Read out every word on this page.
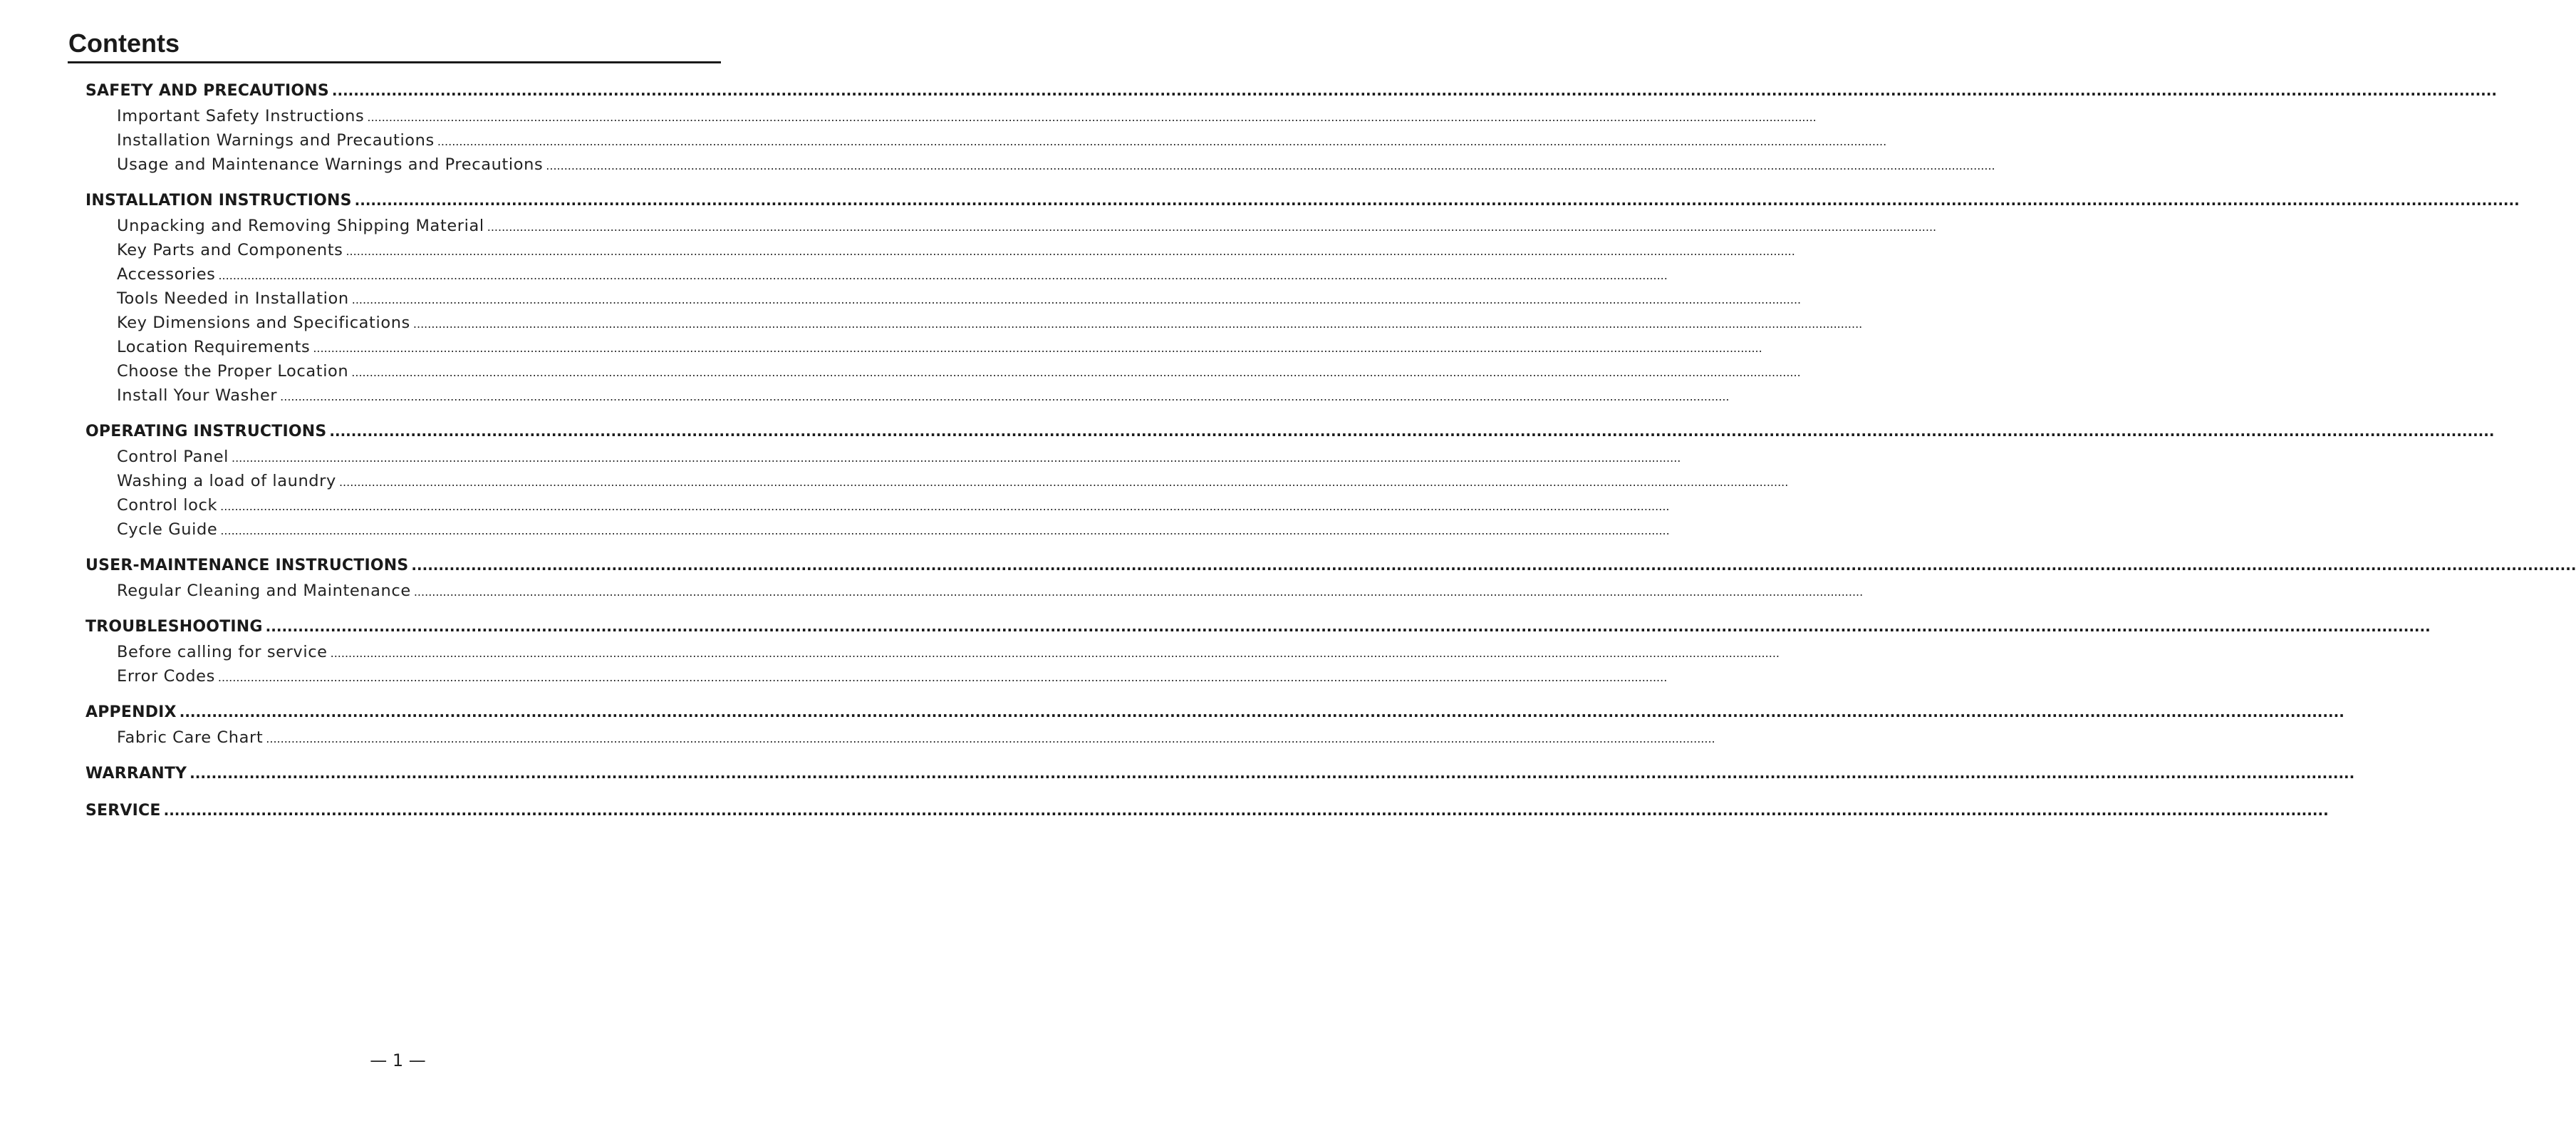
Contents
SAFETY AND PRECAUTIONS ................................................................................................................................................................................................................................................................................................................................................................................................................
Important Safety Instructions ................................................................................................................................................................................................................................................................................................................................................................................................................
Installation Warnings and Precautions ................................................................................................................................................................................................................................................................................................................................................................................................................
Usage and Maintenance Warnings and Precautions ................................................................................................................................................................................................................................................................................................................................................................................................................
INSTALLATION INSTRUCTIONS ................................................................................................................................................................................................................................................................................................................................................................................................................
Unpacking and Removing Shipping Material ................................................................................................................................................................................................................................................................................................................................................................................................................
Key Parts and Components ................................................................................................................................................................................................................................................................................................................................................................................................................
Accessories ................................................................................................................................................................................................................................................................................................................................................................................................................
Tools Needed in Installation ................................................................................................................................................................................................................................................................................................................................................................................................................
Key Dimensions and Specifications ................................................................................................................................................................................................................................................................................................................................................................................................................
Location Requirements ................................................................................................................................................................................................................................................................................................................................................................................................................
Choose the Proper Location ................................................................................................................................................................................................................................................................................................................................................................................................................
Install Your Washer ................................................................................................................................................................................................................................................................................................................................................................................................................
OPERATING INSTRUCTIONS ................................................................................................................................................................................................................................................................................................................................................................................................................
Control Panel ................................................................................................................................................................................................................................................................................................................................................................................................................
Washing a load of laundry ................................................................................................................................................................................................................................................................................................................................................................................................................
Control lock ................................................................................................................................................................................................................................................................................................................................................................................................................
Cycle Guide ................................................................................................................................................................................................................................................................................................................................................................................................................
USER-MAINTENANCE INSTRUCTIONS ................................................................................................................................................................................................................................................................................................................................................................................................................
Regular Cleaning and Maintenance ................................................................................................................................................................................................................................................................................................................................................................................................................
TROUBLESHOOTING ................................................................................................................................................................................................................................................................................................................................................................................................................
Before calling for service ................................................................................................................................................................................................................................................................................................................................................................................................................
Error Codes ................................................................................................................................................................................................................................................................................................................................................................................................................
APPENDIX ................................................................................................................................................................................................................................................................................................................................................................................................................
Fabric Care Chart ................................................................................................................................................................................................................................................................................................................................................................................................................
WARRANTY ................................................................................................................................................................................................................................................................................................................................................................................................................
SERVICE ................................................................................................................................................................................................................................................................................................................................................................................................................
— 1 —
